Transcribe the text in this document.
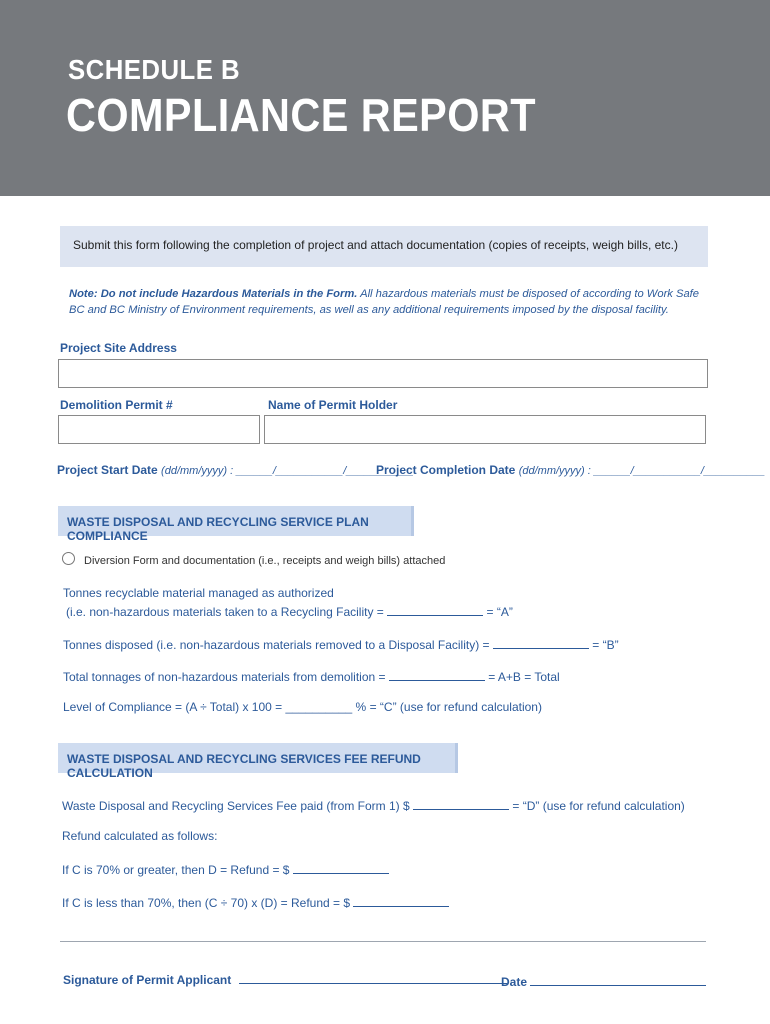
SCHEDULE B
COMPLIANCE REPORT
Submit this form following the completion of project and attach documentation (copies of receipts, weigh bills, etc.)
Note: Do not include Hazardous Materials in the Form. All hazardous materials must be disposed of according to Work Safe BC and BC Ministry of Environment requirements, as well as any additional requirements imposed by the disposal facility.
Project Site Address
Demolition Permit #	Name of Permit Holder
Project Start Date (dd/mm/yyyy) : ______/___________/___________
Project Completion Date (dd/mm/yyyy) : ______/___________/__________
WASTE DISPOSAL AND RECYCLING SERVICE PLAN COMPLIANCE
Diversion Form and documentation (i.e., receipts and weigh bills) attached
Tonnes recyclable material managed as authorized
(i.e. non-hazardous materials taken to a Recycling Facility =	= “A”
Tonnes disposed (i.e. non-hazardous materials removed to a Disposal Facility) =	= “B”
Total tonnages of non-hazardous materials from demolition =	= A+B = Total
Level of Compliance = (A ÷ Total) x 100 = __________ % = “C” (use for refund calculation)
WASTE DISPOSAL AND RECYCLING SERVICES FEE REFUND CALCULATION
Waste Disposal and Recycling Services Fee paid (from Form 1) $	= “D” (use for refund calculation)
Refund calculated as follows:
If C is 70% or greater, then D = Refund = $
If C is less than 70%, then (C ÷ 70) x (D) = Refund = $
Signature of Permit Applicant	Date
